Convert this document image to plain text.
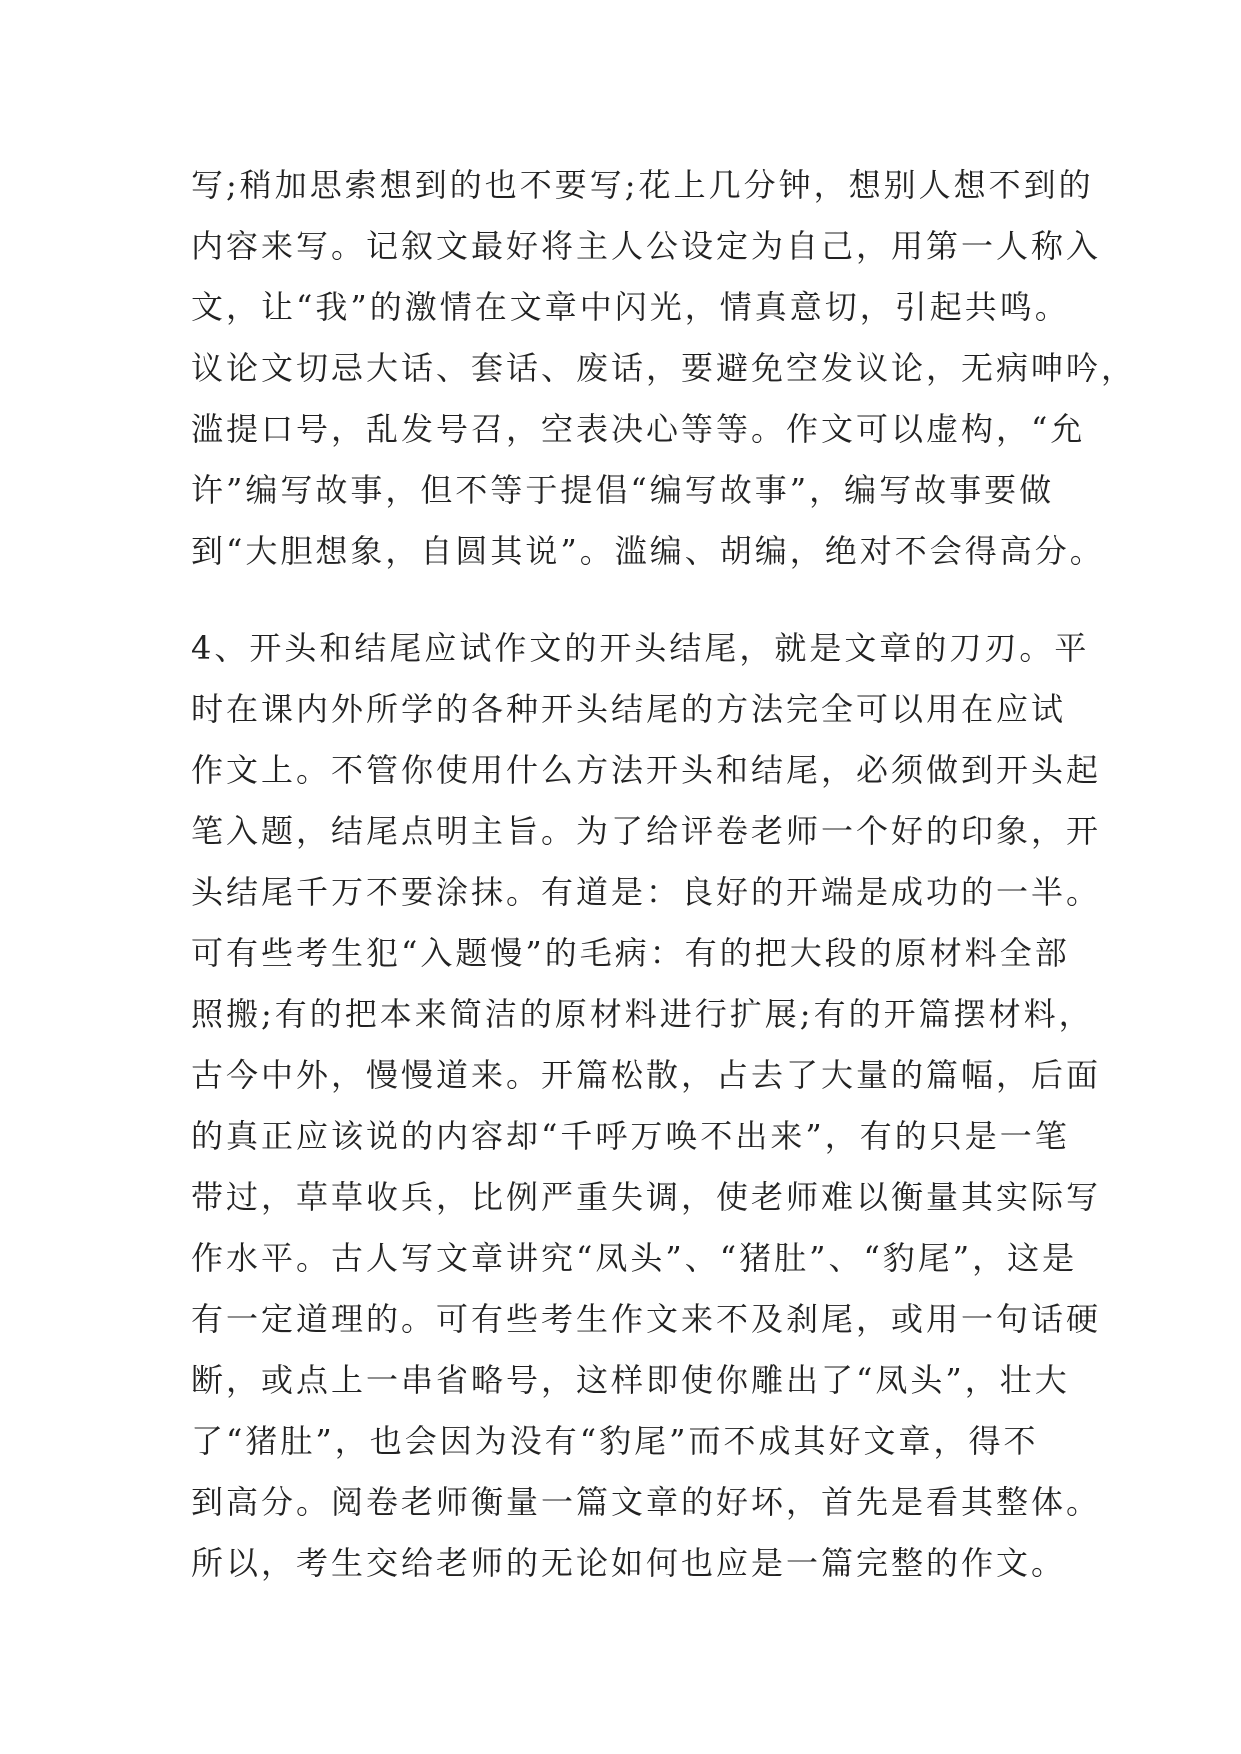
写;稍加思索想到的也不要写;花上几分钟，想别人想不到的
内容来写。记叙文最好将主人公设定为自己，用第一人称入
文，让“我”的激情在文章中闪光，情真意切，引起共鸣。
议论文切忌大话、套话、废话，要避免空发议论，无病呻吟，
滥提口号，乱发号召，空表决心等等。作文可以虚构，“允
许”编写故事，但不等于提倡“编写故事”，编写故事要做
到“大胆想象，自圆其说”。滥编、胡编，绝对不会得高分。
4、开头和结尾应试作文的开头结尾，就是文章的刀刃。平
时在课内外所学的各种开头结尾的方法完全可以用在应试
作文上。不管你使用什么方法开头和结尾，必须做到开头起
笔入题，结尾点明主旨。为了给评卷老师一个好的印象，开
头结尾千万不要涂抹。有道是：良好的开端是成功的一半。
可有些考生犯“入题慢”的毛病：有的把大段的原材料全部
照搬;有的把本来简洁的原材料进行扩展;有的开篇摆材料，
古今中外，慢慢道来。开篇松散，占去了大量的篇幅，后面
的真正应该说的内容却“千呼万唤不出来”，有的只是一笔
带过，草草收兵，比例严重失调，使老师难以衡量其实际写
作水平。古人写文章讲究“凤头”、“猪肚”、“豹尾”，这是
有一定道理的。可有些考生作文来不及刹尾，或用一句话硬
断，或点上一串省略号，这样即使你雕出了“凤头”，壮大
了“猪肚”，也会因为没有“豹尾”而不成其好文章，得不
到高分。阅卷老师衡量一篇文章的好坏，首先是看其整体。
所以，考生交给老师的无论如何也应是一篇完整的作文。
